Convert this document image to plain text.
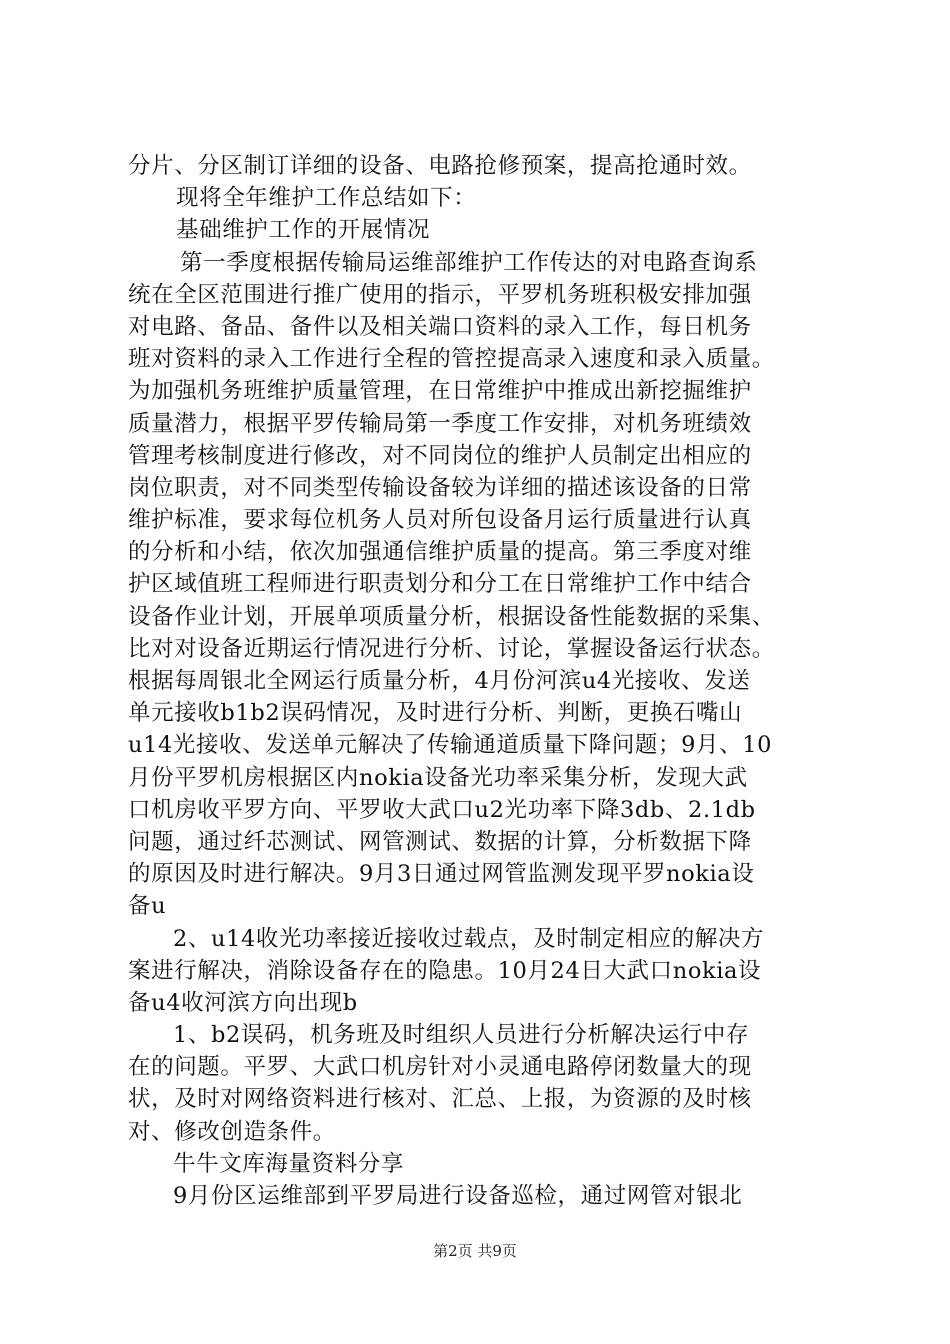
分片、分区制订详细的设备、电路抢修预案，提高抢通时效。
现将全年维护工作总结如下：
基础维护工作的开展情况
第一季度根据传输局运维部维护工作传达的对电路查询系
统在全区范围进行推广使用的指示，平罗机务班积极安排加强
对电路、备品、备件以及相关端口资料的录入工作，每日机务
班对资料的录入工作进行全程的管控提高录入速度和录入质量。
为加强机务班维护质量管理，在日常维护中推成出新挖掘维护
质量潜力，根据平罗传输局第一季度工作安排，对机务班绩效
管理考核制度进行修改，对不同岗位的维护人员制定出相应的
岗位职责，对不同类型传输设备较为详细的描述该设备的日常
维护标准，要求每位机务人员对所包设备月运行质量进行认真
的分析和小结，依次加强通信维护质量的提高。第三季度对维
护区域值班工程师进行职责划分和分工在日常维护工作中结合
设备作业计划，开展单项质量分析，根据设备性能数据的采集、
比对对设备近期运行情况进行分析、讨论，掌握设备运行状态。
根据每周银北全网运行质量分析，4月份河滨u4光接收、发送
单元接收b1b2误码情况，及时进行分析、判断，更换石嘴山
u14光接收、发送单元解决了传输通道质量下降问题；9月、10
月份平罗机房根据区内nokia设备光功率采集分析，发现大武
口机房收平罗方向、平罗收大武口u2光功率下降3db、2.1db
问题，通过纤芯测试、网管测试、数据的计算，分析数据下降
的原因及时进行解决。9月3日通过网管监测发现平罗nokia设
备u
2、u14收光功率接近接收过载点，及时制定相应的解决方
案进行解决，消除设备存在的隐患。10月24日大武口nokia设
备u4收河滨方向出现b
1、b2误码，机务班及时组织人员进行分析解决运行中存
在的问题。平罗、大武口机房针对小灵通电路停闭数量大的现
状，及时对网络资料进行核对、汇总、上报，为资源的及时核
对、修改创造条件。
牛牛文库海量资料分享
9月份区运维部到平罗局进行设备巡检，通过网管对银北
第2页 共9页
